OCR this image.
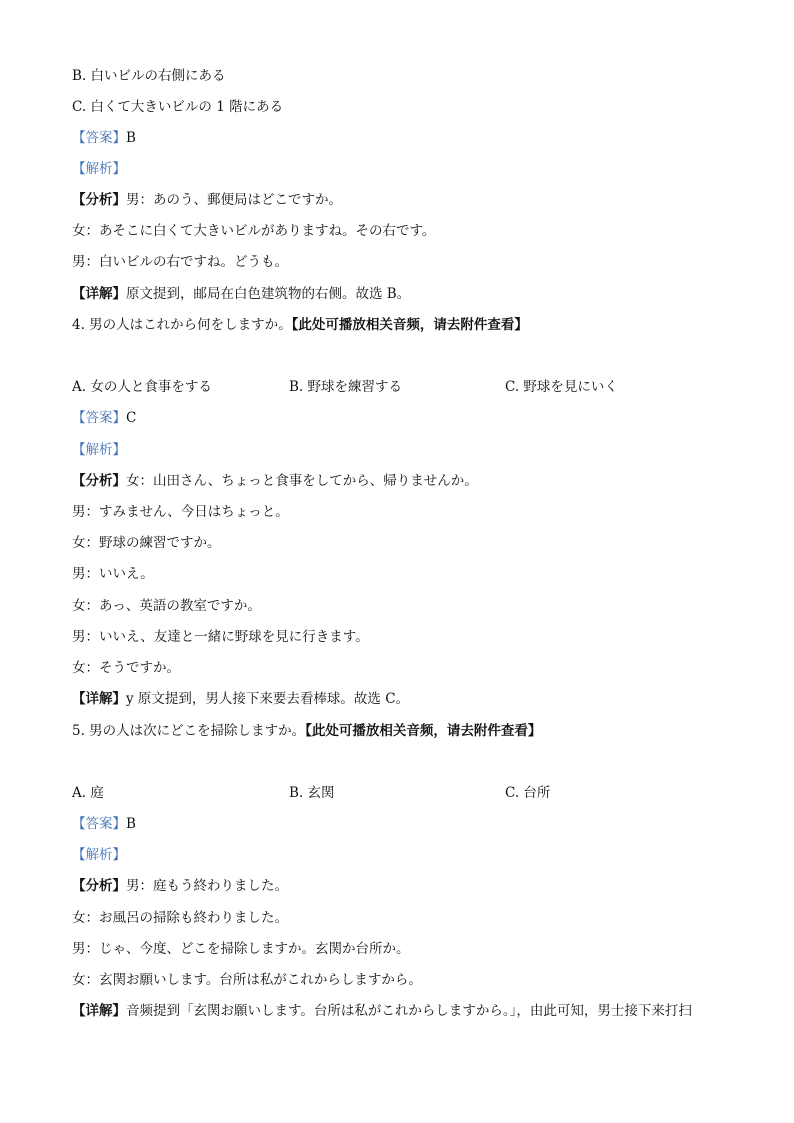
B. 白いビルの右側にある
C. 白くて大きいビルの 1 階にある
【答案】B
【解析】
【分析】男：あのう、郵便局はどこですか。
女：あそこに白くて大きいビルがありますね。その右です。
男：白いビルの右ですね。どうも。
【详解】原文提到，邮局在白色建筑物的右侧。故选 B。
4. 男の人はこれから何をしますか。【此处可播放相关音频，请去附件查看】
A. 女の人と食事をする	B. 野球を練習する	C. 野球を見にいく
【答案】C
【解析】
【分析】女：山田さん、ちょっと食事をしてから、帰りませんか。
男：すみません、今日はちょっと。
女：野球の練習ですか。
男：いいえ。
女：あっ、英語の教室ですか。
男：いいえ、友達と一緒に野球を見に行きます。
女：そうですか。
【详解】y 原文提到，男人接下来要去看棒球。故选 C。
5. 男の人は次にどこを掃除しますか。【此处可播放相关音频，请去附件查看】
A. 庭	B. 玄関	C. 台所
【答案】B
【解析】
【分析】男：庭もう終わりました。
女：お風呂の掃除も終わりました。
男：じゃ、今度、どこを掃除しますか。玄関か台所か。
女：玄関お願いします。台所は私がこれからしますから。
【详解】音频提到「玄関お願いします。台所は私がこれからしますから。」，由此可知，男士接下来打扫
